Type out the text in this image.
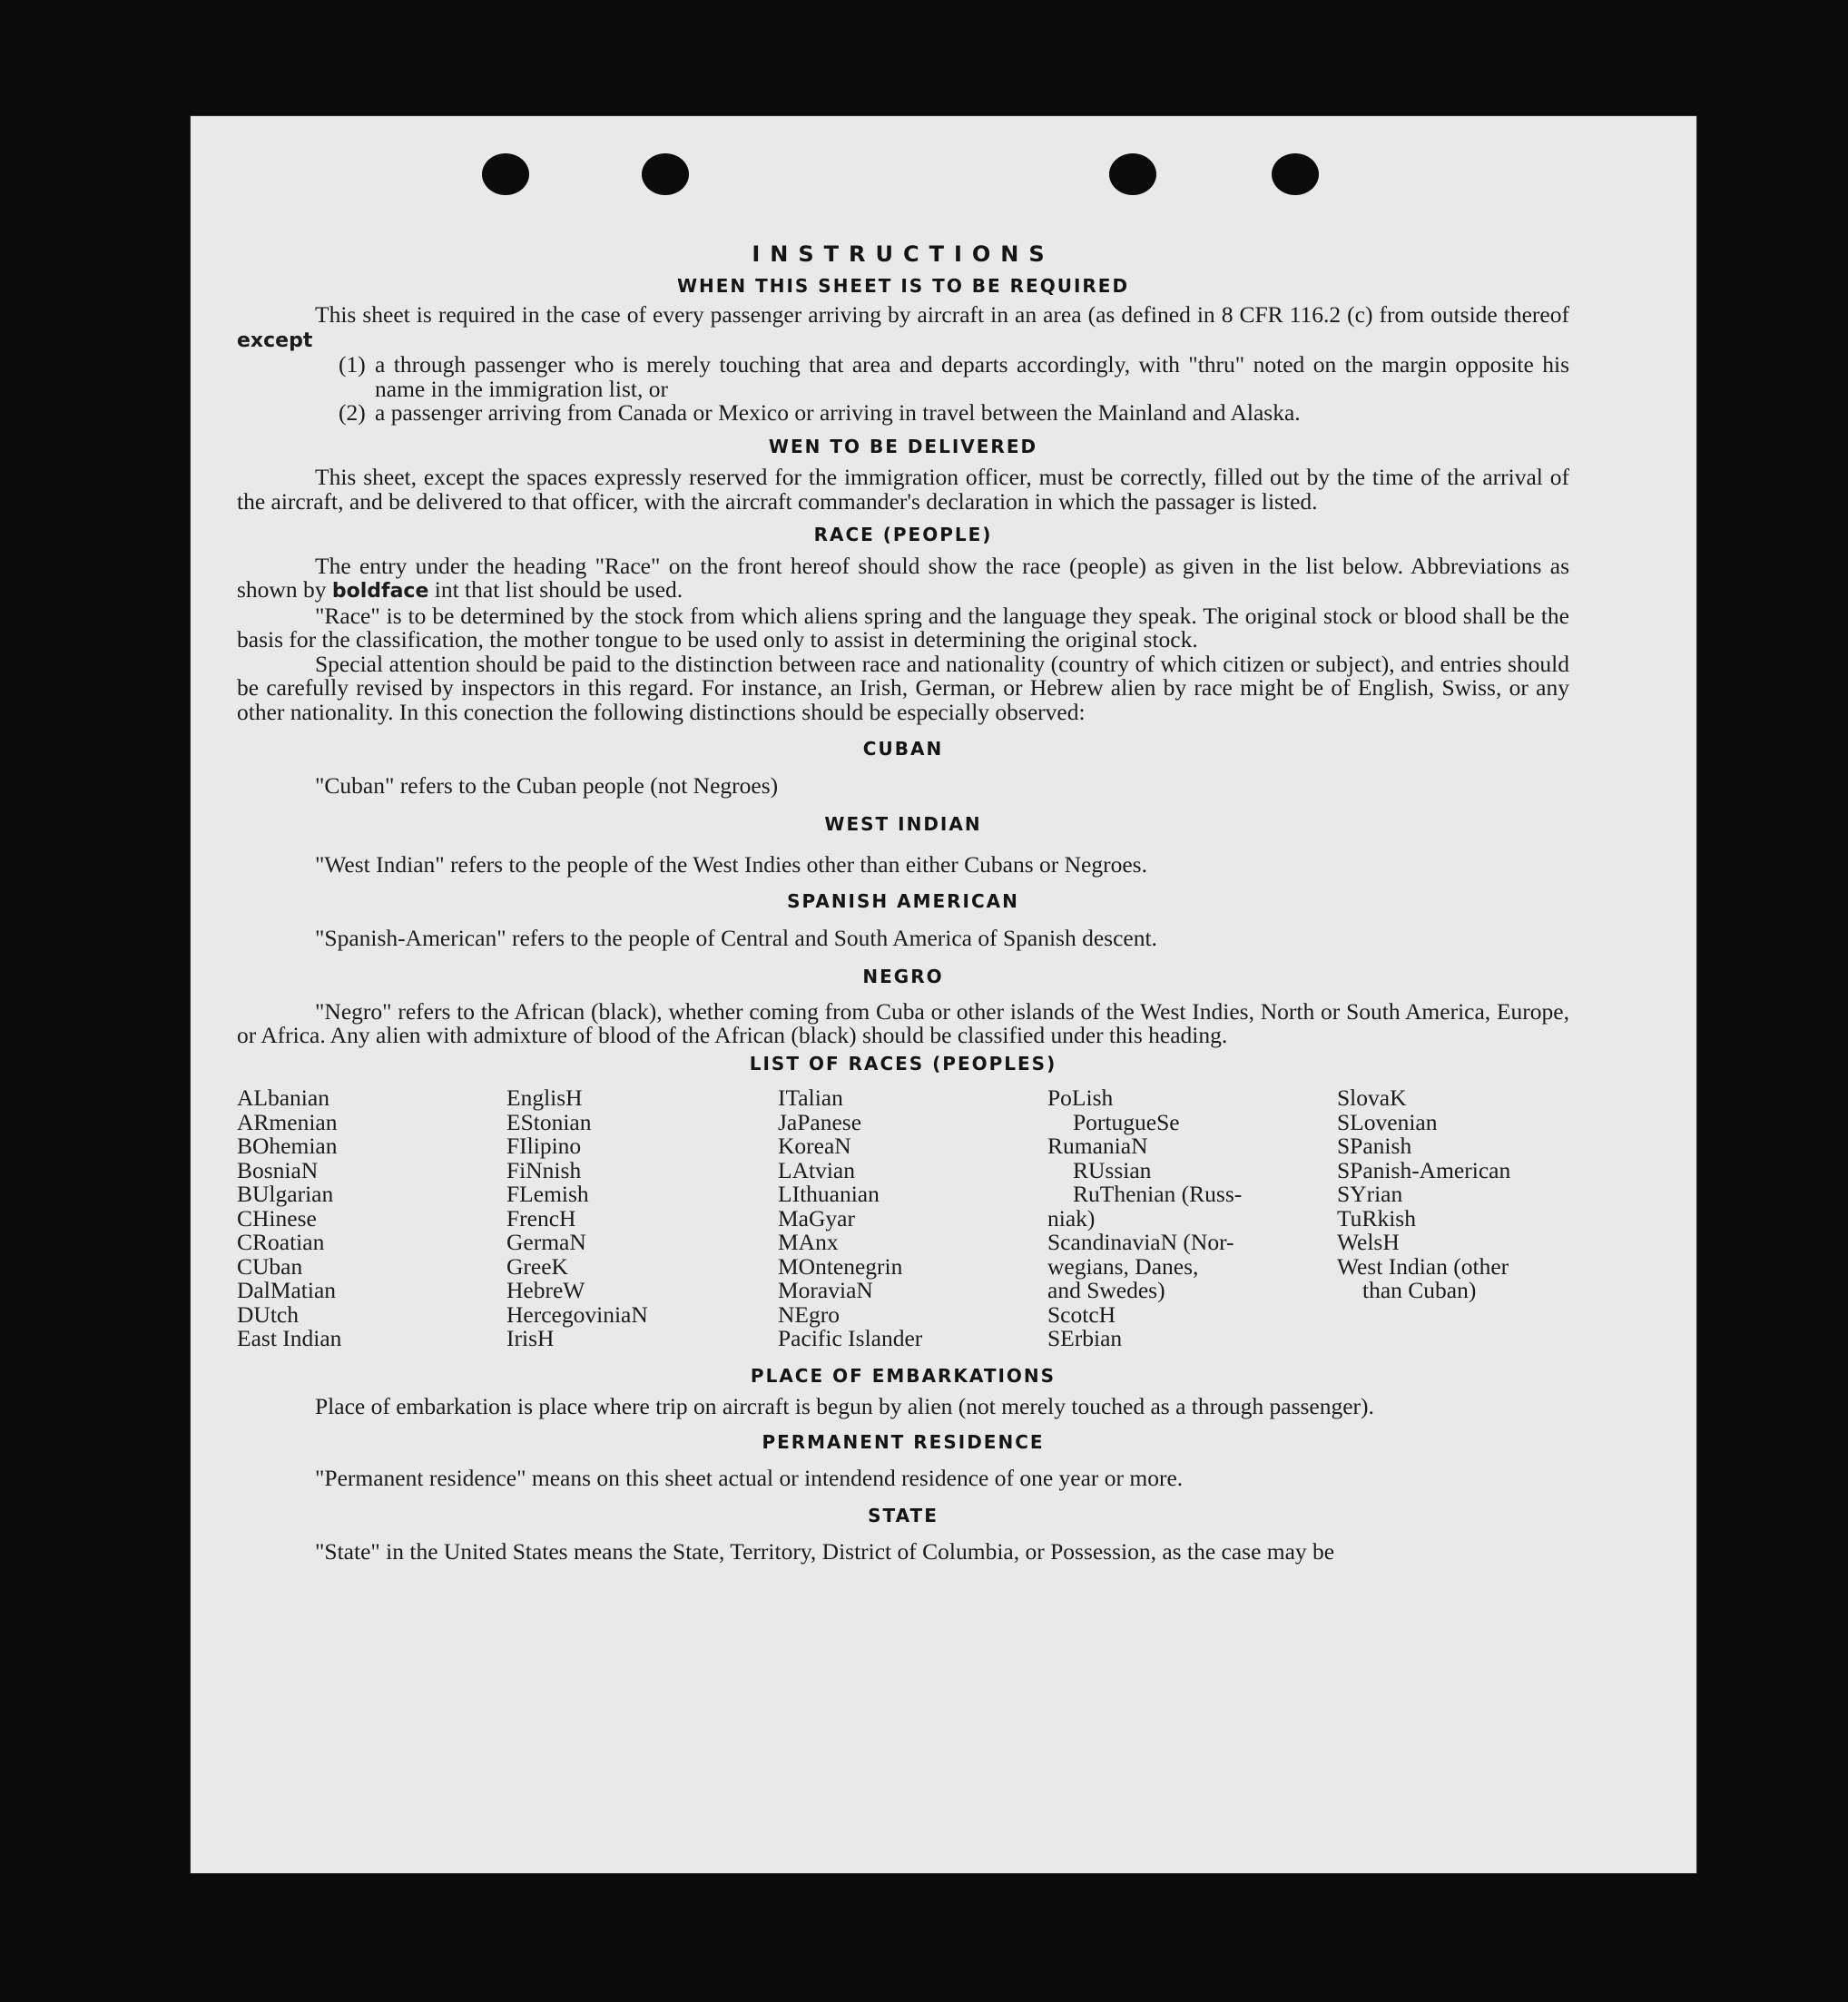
INSTRUCTIONS
WHEN THIS SHEET IS TO BE REQUIRED

This sheet is required in the case of every passenger arriving by aircraft in an area (as defined in 8 CFR 116.2 (c) from outside thereof except

(1) a through passenger who is merely touching that area and departs accordingly, with "thru" noted on the margin opposite his name in the immigration list, or
(2) a passenger arriving from Canada or Mexico or arriving in travel between the Mainland and Alaska.
WEN TO BE DELIVERED

This sheet, except the spaces expressly reserved for the immigration officer, must be correctly, filled out by the time of the arrival of the aircraft, and be delivered to that officer, with the aircraft commander's declaration in which the passager is listed.

RACE (PEOPLE)

The entry under the heading "Race" on the front hereof should show the race (people) as given in the list below. Abbreviations as shown by boldface int that list should be used.

"Race" is to be determined by the stock from which aliens spring and the language they speak. The original stock or blood shall be the basis for the classification, the mother tongue to be used only to assist in determining the original stock.

Special attention should be paid to the distinction between race and nationality (country of which citizen or subject), and entries should be carefully revised by inspectors in this regard. For instance, an Irish, German, or Hebrew alien by race might be of English, Swiss, or any other nationality. In this conection the following distinctions should be especially observed:

CUBAN

"Cuban" refers to the Cuban people (not Negroes)

WEST INDIAN

"West Indian" refers to the people of the West Indies other than either Cubans or Negroes.

SPANISH AMERICAN

"Spanish-American" refers to the people of Central and South America of Spanish descent.

NEGRO

"Negro" refers to the African (black), whether coming from Cuba or other islands of the West Indies, North or South America, Europe, or Africa. Any alien with admixture of blood of the African (black) should be classified under this heading.

LIST OF RACES (PEOPLES)
ALbanian
ARmenian
BOhemian
BosniaN
BUlgarian
CHinese
CRoatian
CUban
DalMatian
DUtch
East Indian
EnglisH
EStonian
FIlipino
FiNnish
FLemish
FrencH
GermaN
GreeK
HebreW
HercegoviniaN
IrisH
ITalian
JaPanese
KoreaN
LAtvian
LIthuanian
MaGyar
MAnx
MOntenegrin
MoraviaN
NEgro
Pacific Islander
PoLish
PortugueSe
RumaniaN
RUssian
RuThenian (Russ-
niak)
ScandinaviaN (Nor-
wegians, Danes,
and Swedes)
ScotcH
SErbian
SlovaK
SLovenian
SPanish
SPanish-American
SYrian
TuRkish
WelsH
West Indian (other
than Cuban)
PLACE OF EMBARKATIONS

Place of embarkation is place where trip on aircraft is begun by alien (not merely touched as a through passenger).

PERMANENT RESIDENCE

"Permanent residence" means on this sheet actual or intendend residence of one year or more.

STATE

"State" in the United States means the State, Territory, District of Columbia, or Possession, as the case may be
